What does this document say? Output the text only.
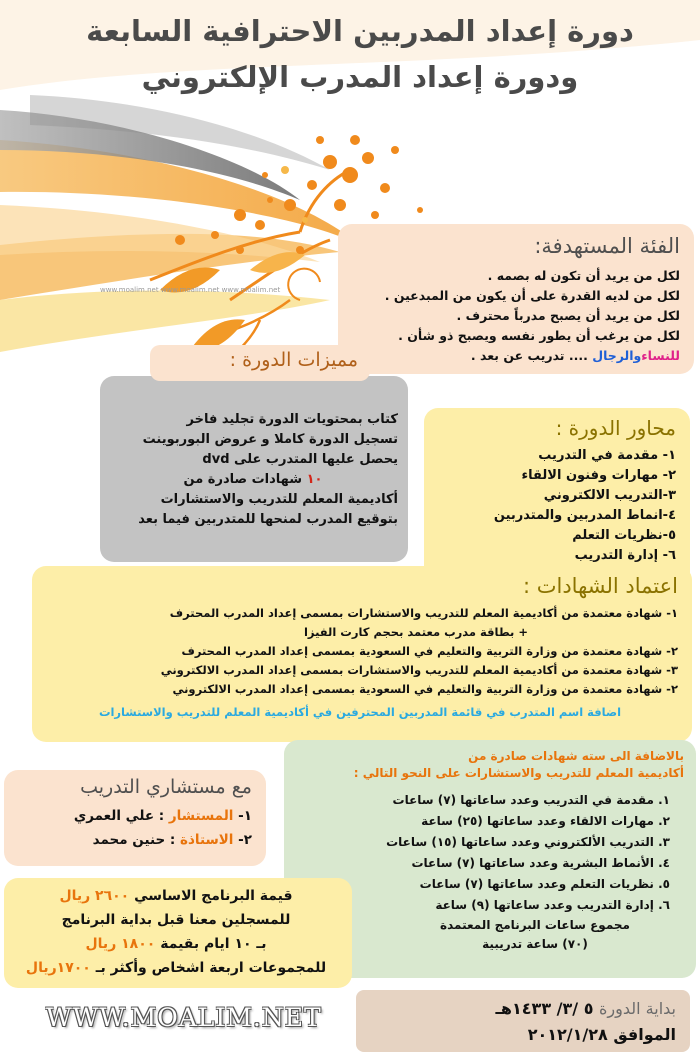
دورة إعداد المدربين الاحترافية السابعة
ودورة إعداد المدرب الإلكتروني
www.moalim.net www.moalim.net www.moalim.net
الفئة المستهدفة:
لكل من يريد أن تكون له بصمه .
لكل من لديه القدرة على أن يكون من المبدعين .
لكل من يريد أن يصبح مدرباً محترف .
لكل من يرغب أن يطور نفسه ويصبح ذو شأن .
للنساءوالرجال .... تدريب عن بعد .
كتاب بمحتويات الدورة تجليد فاخر
تسجيل الدورة كاملا و عروض البوربوينت
يحصل عليها المتدرب على dvd
١٠ شهادات صادرة من
أكاديمية المعلم للتدريب والاستشارات
بتوقيع المدرب لمنحها للمتدربين فيما بعد
مميزات الدورة :
محاور الدورة :
١- مقدمة في التدريب
٢- مهارات وفنون الالقاء
٣-التدريب الالكتروني
٤-انماط المدربين والمتدربين
٥-نظريات التعلم
٦- إدارة التدريب
اعتماد الشهادات :
١- شهادة معتمدة من أكاديمية المعلم للتدريب والاستشارات بمسمى إعداد المدرب المحترف
+ بطاقة مدرب معتمد بحجم كارت الفيزا
٢- شهادة معتمدة من وزارة التربية والتعليم في السعودية بمسمى إعداد المدرب المحترف
٣- شهادة معتمدة من أكاديمية المعلم للتدريب والاستشارات بمسمى إعداد المدرب الالكتروني
٢- شهادة معتمدة من وزارة التربية والتعليم في السعودية بمسمى إعداد المدرب الالكتروني
اضافة اسم المتدرب في قائمة المدربين المحترفين في أكاديمية المعلم للتدريب والاستشارات
بالاضافة الى سته شهادات صادرة من
أكاديمية المعلم للتدريب والاستشارات على النحو التالي :
١. مقدمة في التدريب وعدد ساعاتها (٧) ساعات
٢. مهارات الالقاء وعدد ساعاتها (٢٥) ساعة
٣. التدريب الألكتروني وعدد ساعاتها (١٥) ساعات
٤. الأنماط البشرية وعدد ساعاتها (٧) ساعات
٥. نظريات التعلم وعدد ساعاتها (٧) ساعات
٦. إدارة التدريب وعدد ساعاتها (٩) ساعة
مجموع ساعات البرنامج المعتمدة
(٧٠) ساعة تدريبية
مع مستشاري التدريب
١- المستشار : علي العمري
٢- الاستاذة : حنين محمد
قيمة البرنامج الاساسي ٢٦٠٠ ريال
للمسجلين معنا قبل بداية البرنامج
بـ ١٠ ايام بقيمة ١٨٠٠ ريال
للمجموعات اربعة اشخاص وأكثر بـ ١٧٠٠ريال
بداية الدورة ٥ /٣/ ١٤٣٣هـ
الموافق ٢٠١٢/١/٢٨
WWW.MOALIM.NET
